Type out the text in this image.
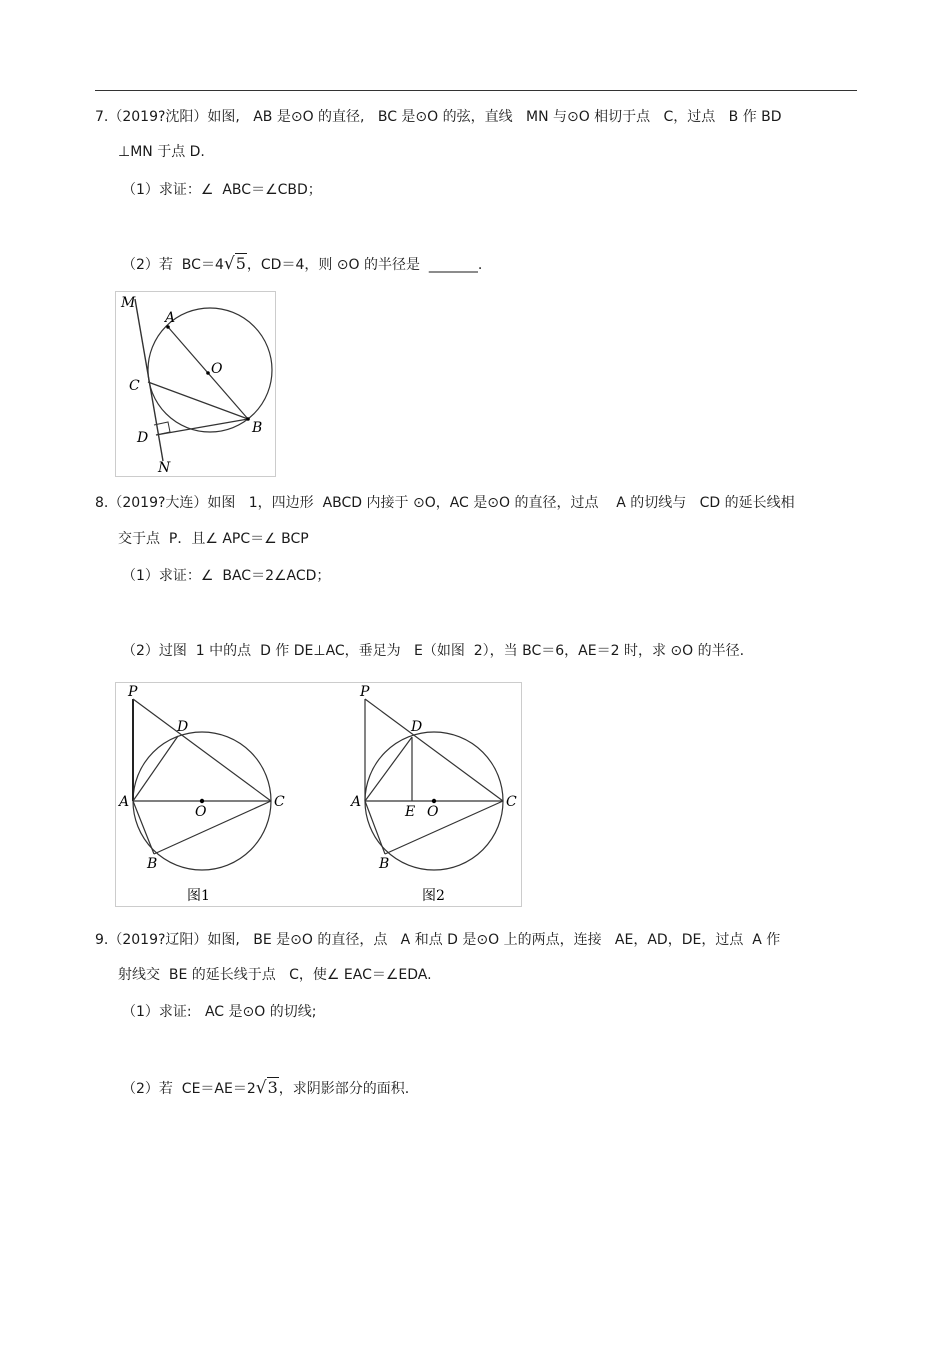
7.（2019?沈阳）如图,   AB 是⊙O 的直径,   BC 是⊙O 的弦，直线   MN 与⊙O 相切于点   C，过点   B 作 BD
⊥MN 于点 D.
（1）求证：∠  ABC＝∠CBD；
（2）若  BC＝4√5，CD＝4，则 ⊙O 的半径是  _______.
M
A
O
C
D
B
N
8.（2019?大连）如图   1，四边形  ABCD 内接于 ⊙O，AC 是⊙O 的直径，过点    A 的切线与   CD 的延长线相
交于点  P．且∠ APC＝∠ BCP
（1）求证：∠  BAC＝2∠ACD；
（2）过图  1 中的点  D 作 DE⊥AC，垂足为   E（如图  2），当 BC＝6，AE＝2 时，求 ⊙O 的半径.
P
D
A
O
C
B
图1
P
D
A
E O
C
B
图2
9.（2019?辽阳）如图,   BE 是⊙O 的直径，点   A 和点 D 是⊙O 上的两点，连接   AE，AD，DE，过点  A 作
射线交  BE 的延长线于点   C，使∠ EAC＝∠EDA.
（1）求证:   AC 是⊙O 的切线;
（2）若  CE＝AE＝2√3，求阴影部分的面积.
